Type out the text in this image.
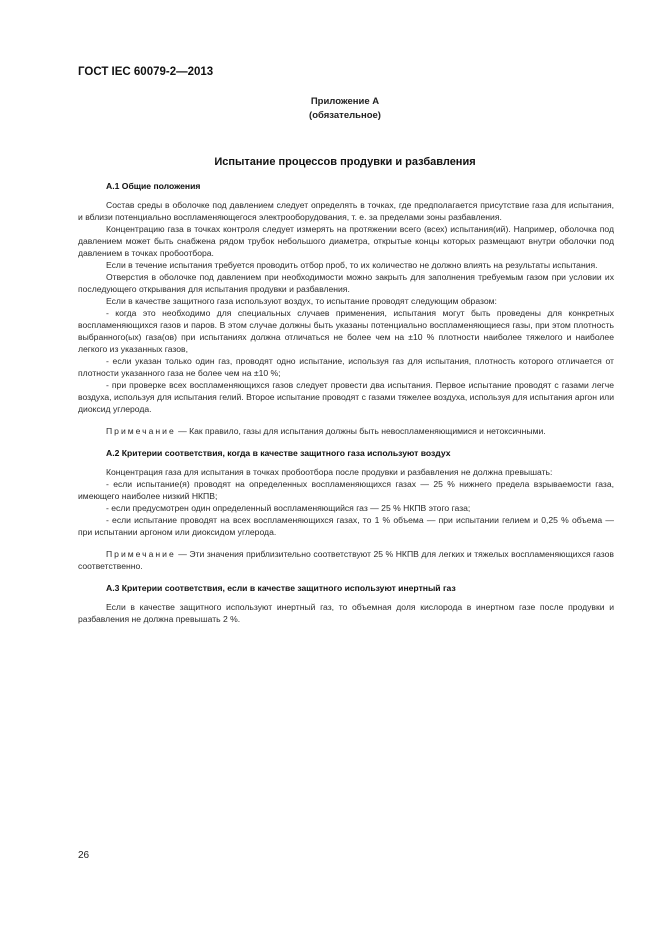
ГОСТ IEC 60079-2—2013
Приложение А
(обязательное)
Испытание процессов продувки и разбавления
А.1 Общие положения

Состав среды в оболочке под давлением следует определять в точках, где предполагается присутствие газа для испытания, и вблизи потенциально воспламеняющегося электрооборудования, т. е. за пределами зоны разбавления.

Концентрацию газа в точках контроля следует измерять на протяжении всего (всех) испытания(ий). Например, оболочка под давлением может быть снабжена рядом трубок небольшого диаметра, открытые концы которых размещают внутри оболочки под давлением в точках пробоотбора.

Если в течение испытания требуется проводить отбор проб, то их количество не должно влиять на результаты испытания.

Отверстия в оболочке под давлением при необходимости можно закрыть для заполнения требуемым газом при условии их последующего открывания для испытания продувки и разбавления.

Если в качестве защитного газа используют воздух, то испытание проводят следующим образом:

- когда это необходимо для специальных случаев применения, испытания могут быть проведены для конкретных воспламеняющихся газов и паров. В этом случае должны быть указаны потенциально воспламеняющиеся газы, при этом плотность выбранного(ых) газа(ов) при испытаниях должна отличаться не более чем на ±10 % плотности наиболее тяжелого и наиболее легкого из указанных газов,

- если указан только один газ, проводят одно испытание, используя газ для испытания, плотность которого отличается от плотности указанного газа не более чем на ±10 %;

- при проверке всех воспламеняющихся газов следует провести два испытания. Первое испытание проводят с газами легче воздуха, используя для испытания гелий. Второе испытание проводят с газами тяжелее воздуха, используя для испытания аргон или диоксид углерода.

Примечание — Как правило, газы для испытания должны быть невоспламеняющимися и нетоксичными.

А.2 Критерии соответствия, когда в качестве защитного газа используют воздух

Концентрация газа для испытания в точках пробоотбора после продувки и разбавления не должна превышать:

- если испытание(я) проводят на определенных воспламеняющихся газах — 25 % нижнего предела взрываемости газа, имеющего наиболее низкий НКПВ;

- если предусмотрен один определенный воспламеняющийся газ — 25 % НКПВ этого газа;

- если испытание проводят на всех воспламеняющихся газах, то 1 % объема — при испытании гелием и 0,25 % объема — при испытании аргоном или диоксидом углерода.

Примечание — Эти значения приблизительно соответствуют 25 % НКПВ для легких и тяжелых воспламеняющихся газов соответственно.

А.3 Критерии соответствия, если в качестве защитного используют инертный газ

Если в качестве защитного используют инертный газ, то объемная доля кислорода в инертном газе после продувки и разбавления не должна превышать 2 %.

26
